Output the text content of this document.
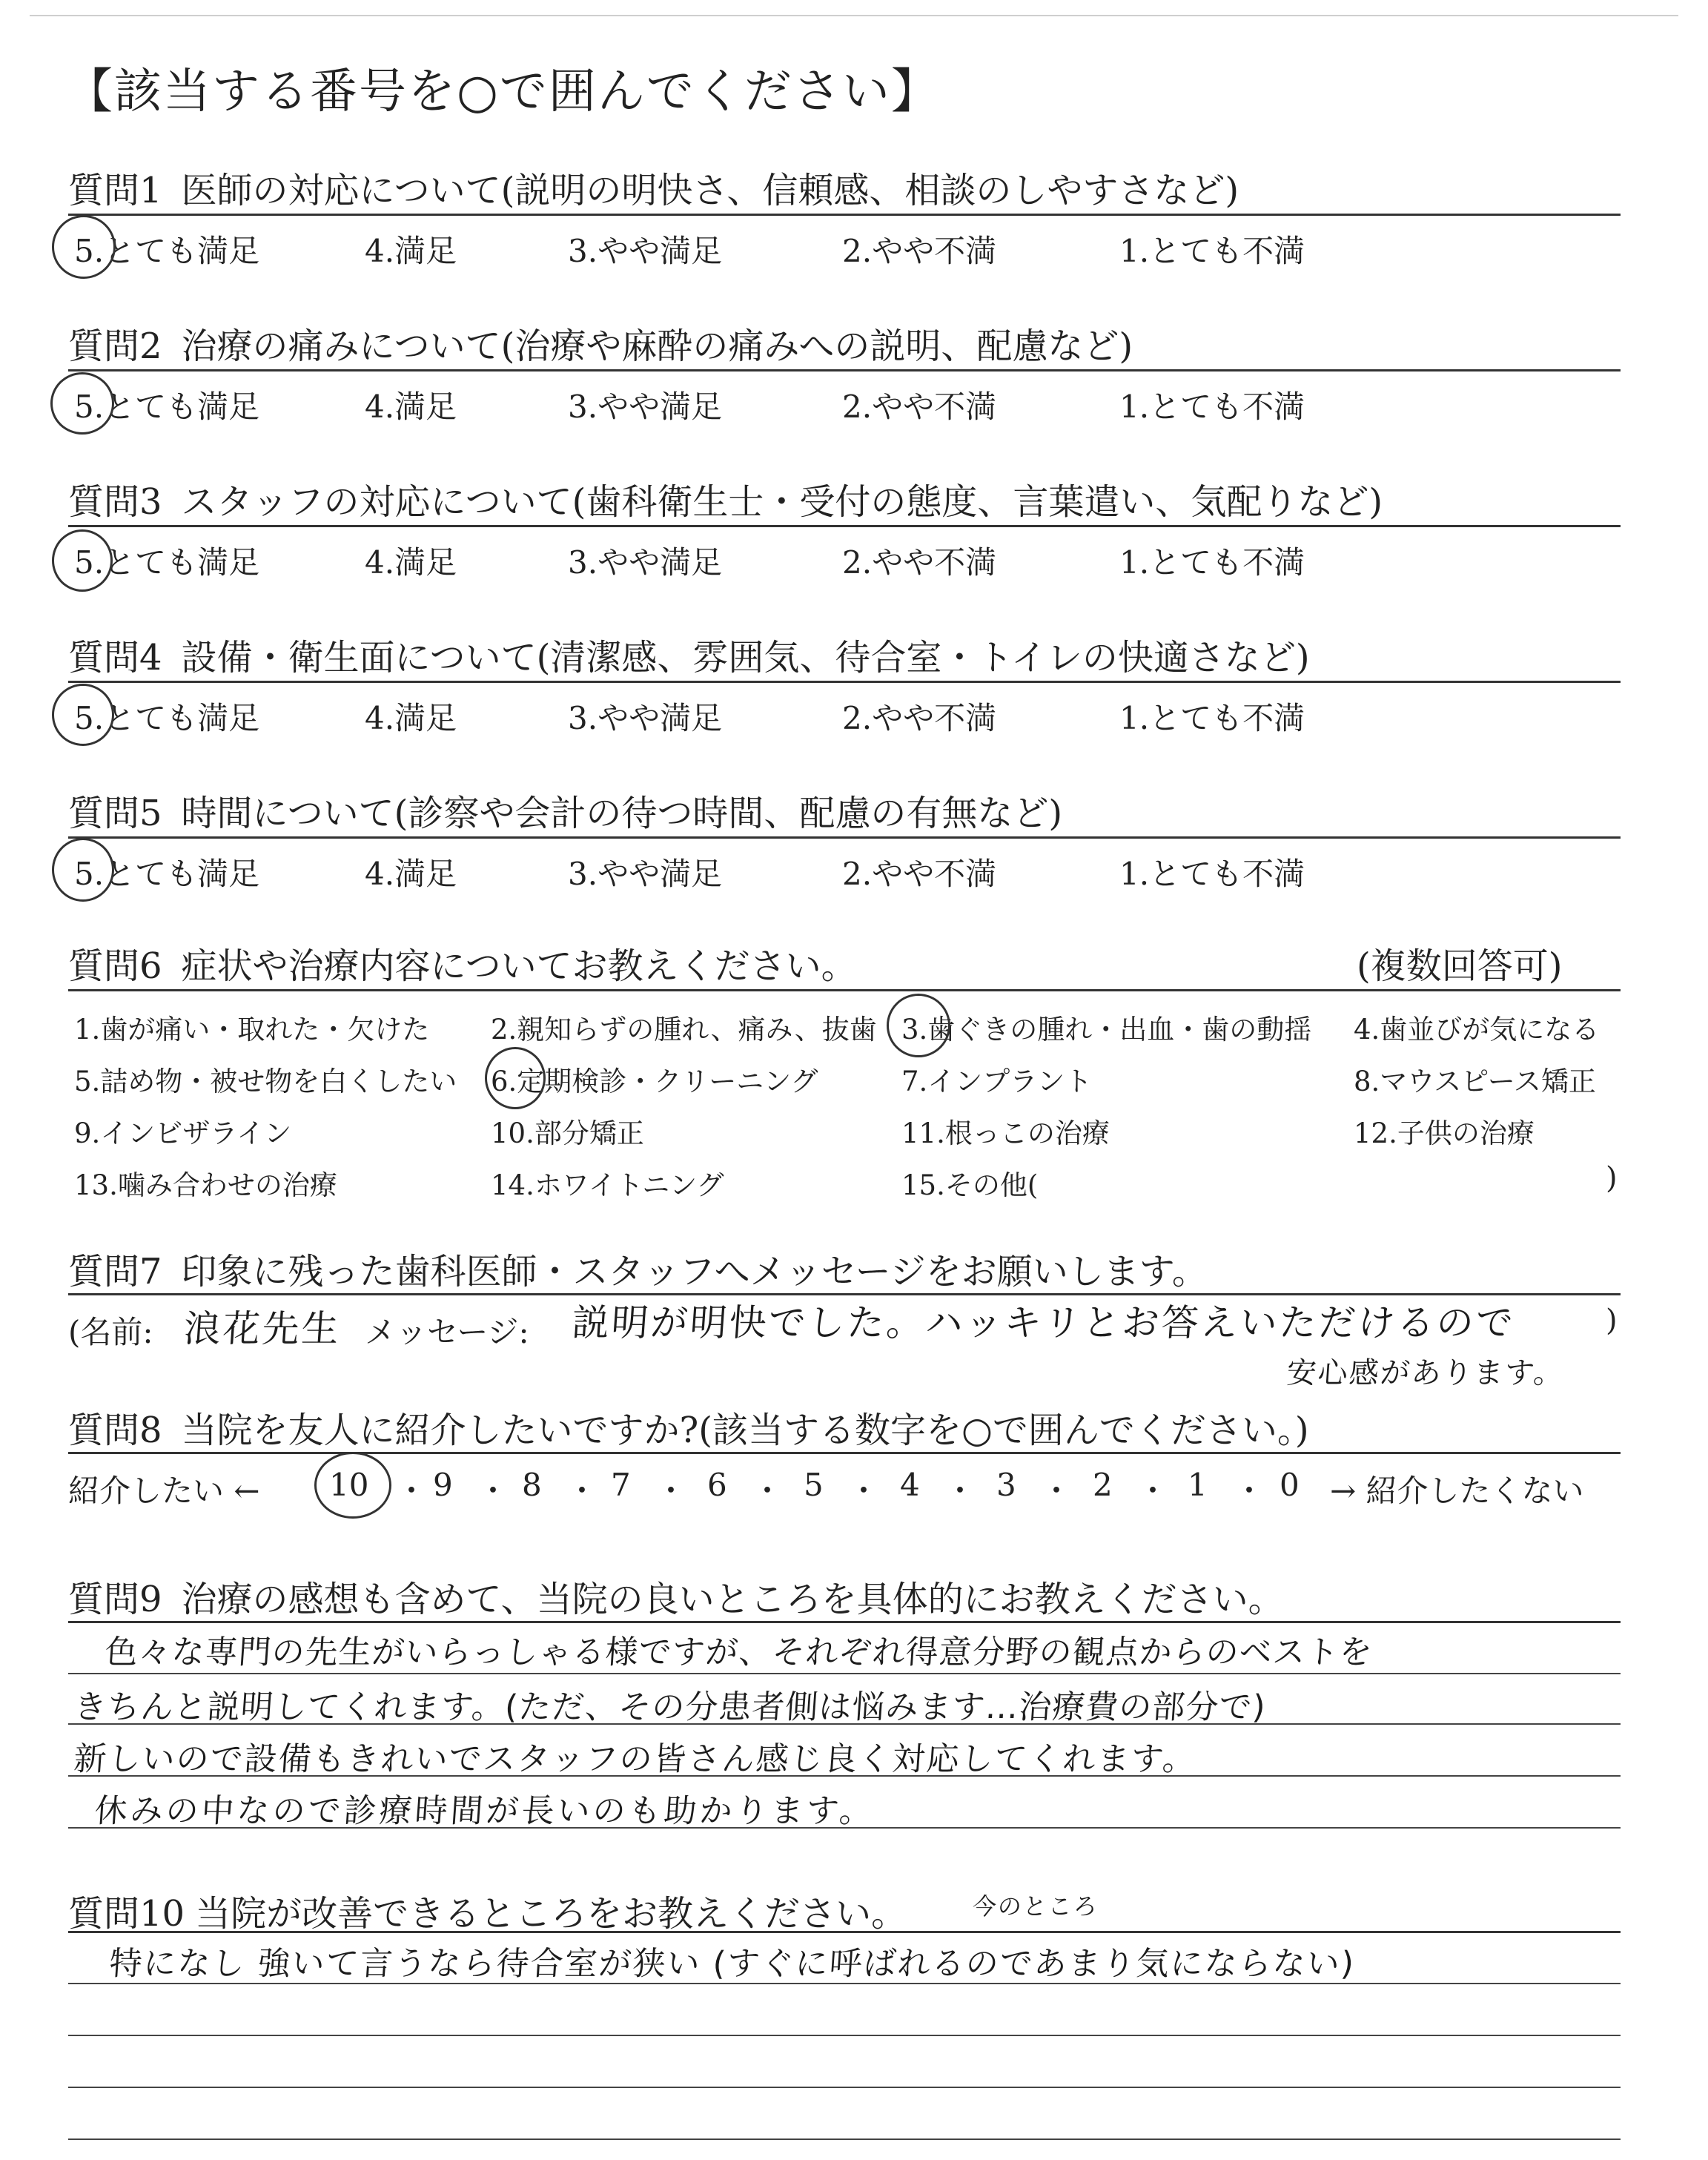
【該当する番号を○で囲んでください】
質問1 医師の対応について(説明の明快さ、信頼感、相談のしやすさなど)
5.とても満足	4.満足	3.やや満足	2.やや不満	1.とても不満
質問2 治療の痛みについて(治療や麻酔の痛みへの説明、配慮など)
5.とても満足	4.満足	3.やや満足	2.やや不満	1.とても不満
質問3 スタッフの対応について(歯科衛生士・受付の態度、言葉遣い、気配りなど)
5.とても満足	4.満足	3.やや満足	2.やや不満	1.とても不満
質問4 設備・衛生面について(清潔感、雰囲気、待合室・トイレの快適さなど)
5.とても満足	4.満足	3.やや満足	2.やや不満	1.とても不満
質問5 時間について(診察や会計の待つ時間、配慮の有無など)
5.とても満足	4.満足	3.やや満足	2.やや不満	1.とても不満
質問6 症状や治療内容についてお教えください。	(複数回答可)
1.歯が痛い・取れた・欠けた 2.親知らずの腫れ、痛み、抜歯 3.歯ぐきの腫れ・出血・歯の動揺 4.歯並びが気になる
5.詰め物・被せ物を白くしたい 6.定期検診・クリーニング	7.インプラント	8.マウスピース矯正
9.インビザライン	10.部分矯正	11.根っこの治療	12.子供の治療
13.噛み合わせの治療	14.ホワイトニング	15.その他(	)
質問7 印象に残った歯科医師・スタッフへメッセージをお願いします。
(名前: 浪花先生 メッセージ: 説明が明快でした。ハッキリとお答えいただけるので
安心感があります。
)
質問8 当院を友人に紹介したいですか?(該当する数字を○で囲んでください。)
紹介したい ← 10 ・ 9 ・ 8 ・ 7 ・ 6 ・ 5 ・ 4 ・ 3 ・ 2 ・ 1 ・ 0 → 紹介したくない
質問9 治療の感想も含めて、当院の良いところを具体的にお教えください。
色々な専門の先生がいらっしゃる様ですが、それぞれ得意分野の観点からのベストを
きちんと説明してくれます。(ただ、その分患者側は悩みます…治療費の部分で)
新しいので設備もきれいでスタッフの皆さん感じ良く対応してくれます。
休みの中なので診療時間が長いのも助かります。
質問10 当院が改善できるところをお教えください。	今のところ
特になし 強いて言うなら待合室が狭い (すぐに呼ばれるのであまり気にならない)
